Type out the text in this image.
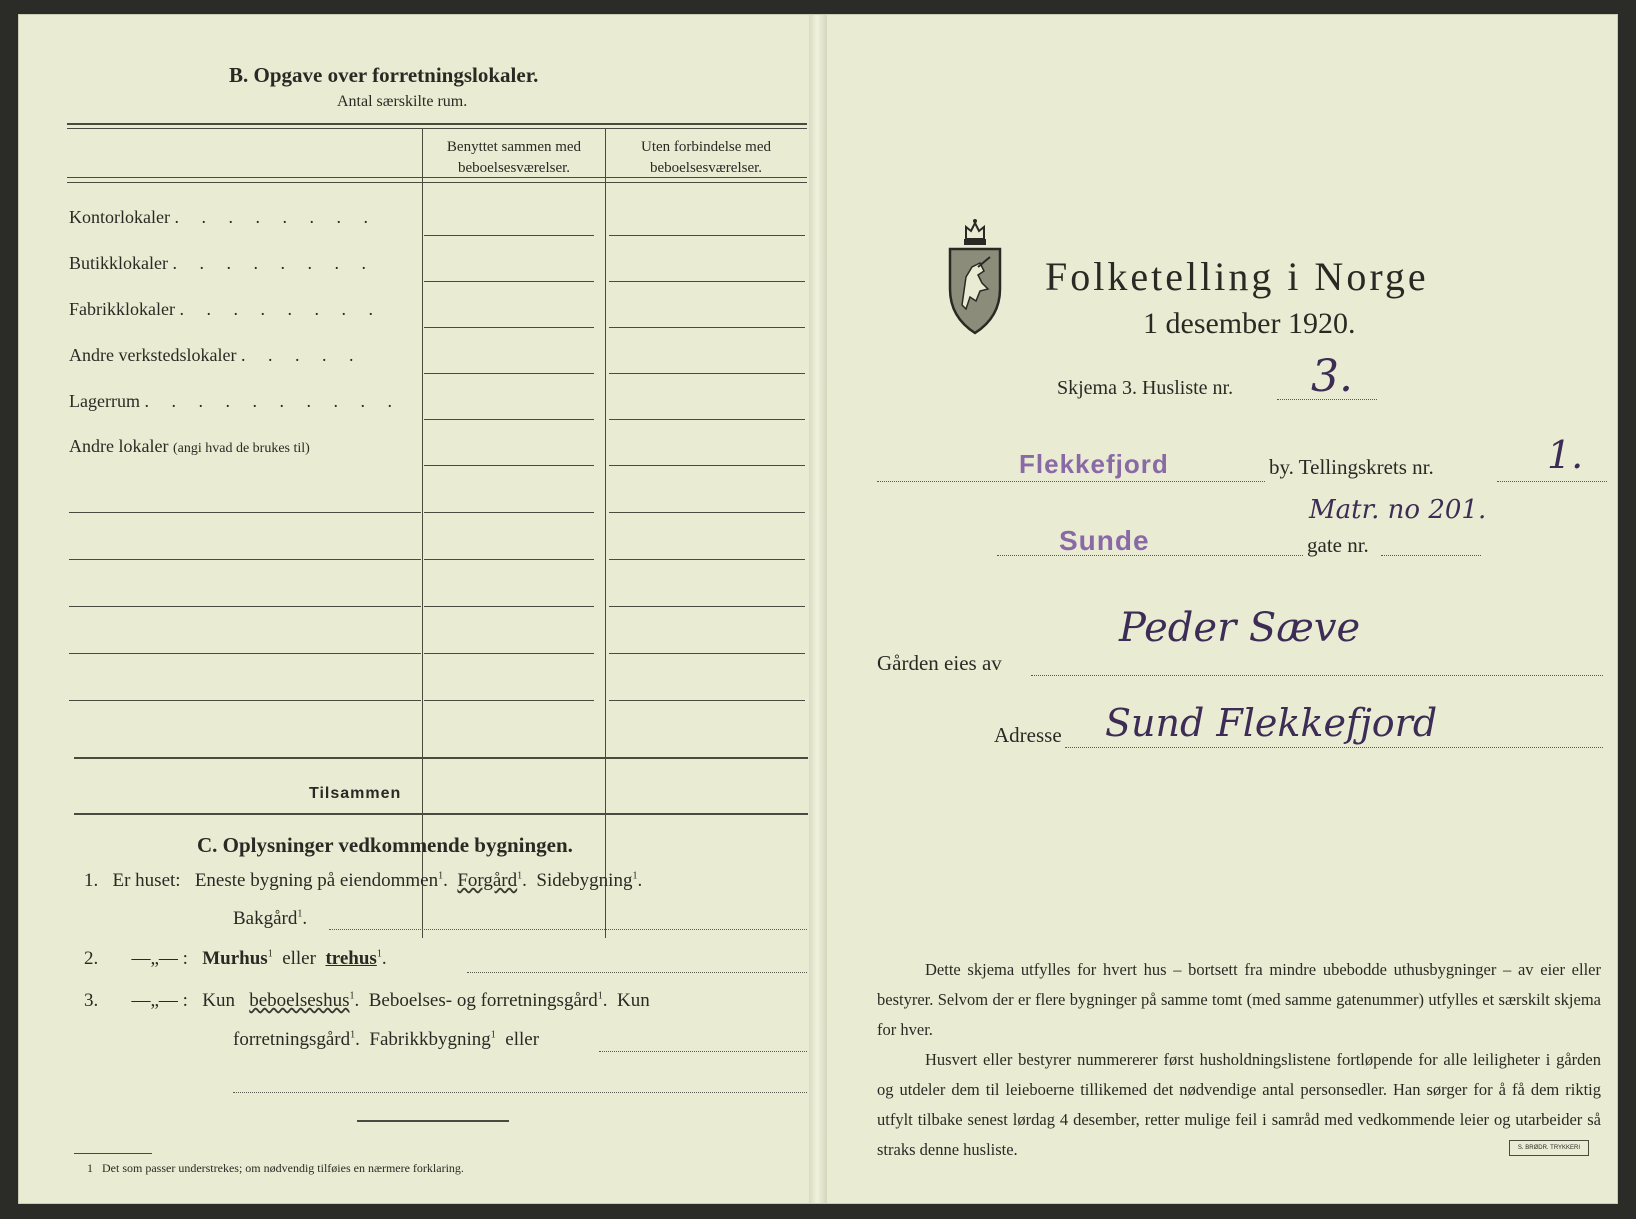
B. Opgave over forretningslokaler.
Antal særskilte rum.
Benyttet sammen med
beboelsesværelser.
Uten forbindelse med
beboelsesværelser.
Kontorlokaler . . . . . . . .
Butikklokaler . . . . . . . .
Fabrikklokaler . . . . . . . .
Andre verkstedslokaler . . . . .
Lagerrum . . . . . . . . . .
Andre lokaler (angi hvad de brukes til)
Tilsammen
C. Oplysninger vedkommende bygningen.
1. Er huset: Eneste bygning på eiendommen$^1$.  Forgård$^1$.  Sidebygning$^1$.
Bakgård$^1$.
2. —„— : Murhus$^1$ eller trehus$^1$.
3. —„— : Kun beboelseshus$^1$.  Beboelses- og forretningsgård$^1$.  Kun
forretningsgård$^1$.  Fabrikkbygning$^1$ eller
1 Det som passer understrekes; om nødvendig tilføies en nærmere forklaring.
Folketelling i Norge
1 desember 1920.
Skjema 3. Husliste nr. 3.
Flekkefjord	by. Tellingskrets nr.	1.
Matr. no 201.
Sunde	gate nr.
Gården eies av
Peder Sæve
Adresse Sund Flekkefjord

Dette skjema utfylles for hvert hus – bortsett fra mindre ubebodde uthusbygninger – av eier eller bestyrer. Selvom der er flere bygninger på samme tomt (med samme gatenummer) utfylles et særskilt skjema for hver.

Husvert eller bestyrer nummererer først husholdningslistene fortløpende for alle leiligheter i gården og utdeler dem til leieboerne tillikemed det nødvendige antal personsedler. Han sørger for å få dem riktig utfylt tilbake senest lørdag 4 desember, retter mulige feil i samråd med vedkommende leier og utarbeider så straks denne husliste.	S. BRØDR. TRYKKERI
